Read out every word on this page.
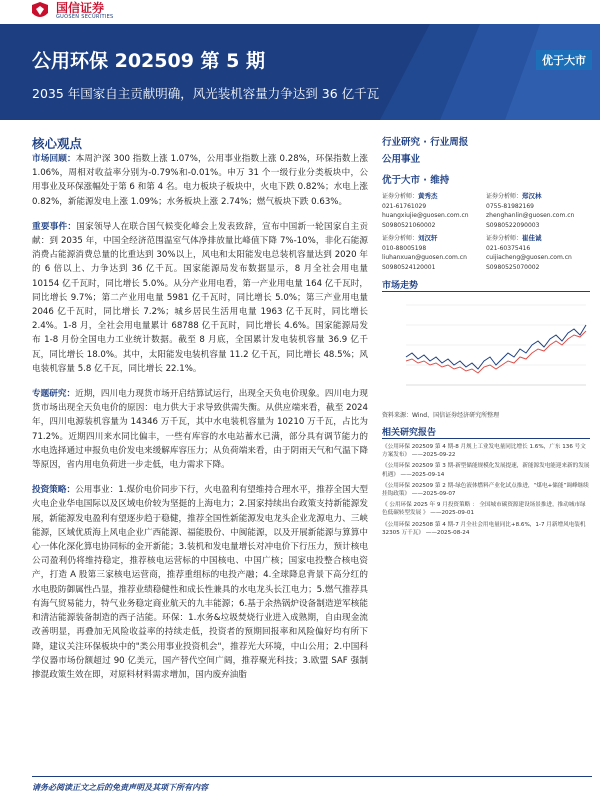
国信证券
GUOSEN SECURITIES
公用环保 202509 第 5 期
2035 年国家自主贡献明确，风光装机容量力争达到 36 亿千瓦
优于大市
核心观点

市场回顾：本周沪深 300 指数上涨 1.07%，公用事业指数上涨 0.28%，环保指数上涨 1.06%，周相对收益率分别为-0.79%和-0.01%。申万 31 个一级行业分类板块中，公用事业及环保涨幅处于第 6 和第 4 名。电力板块子板块中，火电下跌 0.82%；水电上涨 0.82%，新能源发电上涨 1.09%；水务板块上涨 2.74%；燃气板块下跌 0.63%。

重要事件：国家领导人在联合国气候变化峰会上发表致辞，宣布中国新一轮国家自主贡献：到 2035 年，中国全经济范围温室气体净排放量比峰值下降 7%-10%，非化石能源消费占能源消费总量的比重达到 30%以上，风电和太阳能发电总装机容量达到 2020 年的 6 倍以上、力争达到 36 亿千瓦。国家能源局发布数据显示，8 月全社会用电量 10154 亿千瓦时，同比增长 5.0%。从分产业用电看，第一产业用电量 164 亿千瓦时，同比增长 9.7%；第二产业用电量 5981 亿千瓦时，同比增长 5.0%；第三产业用电量 2046 亿千瓦时，同比增长 7.2%；城乡居民生活用电量 1963 亿千瓦时，同比增长 2.4%。1-8 月，全社会用电量累计 68788 亿千瓦时，同比增长 4.6%。国家能源局发布 1-8 月份全国电力工业统计数据。截至 8 月底，全国累计发电装机容量 36.9 亿千瓦，同比增长 18.0%。其中，太阳能发电装机容量 11.2 亿千瓦，同比增长 48.5%；风电装机容量 5.8 亿千瓦，同比增长 22.1%。

专题研究：近期，四川电力现货市场开启结算试运行，出现全天负电价现象。四川电力现货市场出现全天负电价的原因：电力供大于求导致供需失衡。从供应端来看，截至 2024 年，四川电源装机容量为 14346 万千瓦，其中水电装机容量为 10210 万千瓦，占比为 71.2%。近期四川来水同比偏丰，一些有库容的水电站蓄水已满，部分具有调节能力的水电选择通过申报负电价发电来缓解库容压力；从负荷端来看，由于阴雨天气和气温下降等原因，省内用电负荷进一步走低，电力需求下降。

投资策略：公用事业：1.煤价电价同步下行，火电盈利有望维持合理水平，推荐全国大型火电企业华电国际以及区域电价较为坚挺的上海电力；2.国家持续出台政策支持新能源发展，新能源发电盈利有望逐步趋于稳健，推荐全国性新能源发电龙头企业龙源电力、三峡能源，区域优质海上风电企业广西能源、福能股份、中闽能源，以及开展新能源与算算中心一体化深化算电协同标的金开新能；3.装机和发电量增长对冲电价下行压力，预计核电公司盈利仍将维持稳定，推荐核电运营标的中国核电、中国广核；国家电投整合核电资产，打造 A 股第三家核电运营商，推荐重组标的电投产融；4.全球降息背景下高分红的水电股防御属性凸显，推荐业绩稳健性和成长性兼具的水电龙头长江电力；5.燃气推荐具有海气贸易能力，特气业务稳定商业航天的九丰能源；6.基于余热锅炉设备制造逆军核能和清洁能源装备制造的西子洁能。环保：1.水务&垃圾焚烧行业进入成熟期，自由现金流改善明显，再叠加无风险收益率的持续走低，投资者的预期回报率和风险偏好均有所下降，建议关注环保板块中的"类公用事业投资机会"，推荐光大环境，中山公用；2.中国科学仪器市场份额超过 90 亿美元，国产替代空间广阔，推荐聚光科技；3.欧盟 SAF 强制掺混政策生效在即，对原料材料需求增加，国内废弃油脂

行业研究 · 行业周报
公用事业
优于大市 · 维持
证券分析师：黄秀杰
021-61761029
huangxiujie@guosen.com.cn
S0980521060002
证券分析师：郑汉林
0755-81982169
zhenghanlin@guosen.com.cn
S0980522090003
证券分析师：刘汉轩
010-88005198
liuhanxuan@guosen.com.cn
S0980524120001
证券分析师：崔佳诚
021-60375416
cuijiacheng@guosen.com.cn
S0980525070002
市场走势
资料来源：Wind、国信证券经济研究所整理
相关研究报告
《公用环保 202509 第 4 期-8 月规上工业发电量同比增长 1.6%，广东 136 号文方案发布》 ——2025-09-22
《公用环保 202509 第 3 期-新型储能规模化发展提速，新能源发电能迎来新的发展机遇》 ——2025-09-14
《公用环保 202509 第 2 期-绿色液体燃料产业化试点推进，“煤电+储能”调峰继续挂钩政策》 ——2025-09-07
《 公用环保 2025 年 9 月投资策略 ： 全国城市碳资源建设场景推进，推动城市绿色低碳转型发展 》 ——2025-09-01
《公用环保 202508 第 4 期-7 月全社会用电量同比+8.6%，1-7 月新增风电装机 32305 万千瓦》 ——2025-08-24
请务必阅读正文之后的免责声明及其项下所有内容
